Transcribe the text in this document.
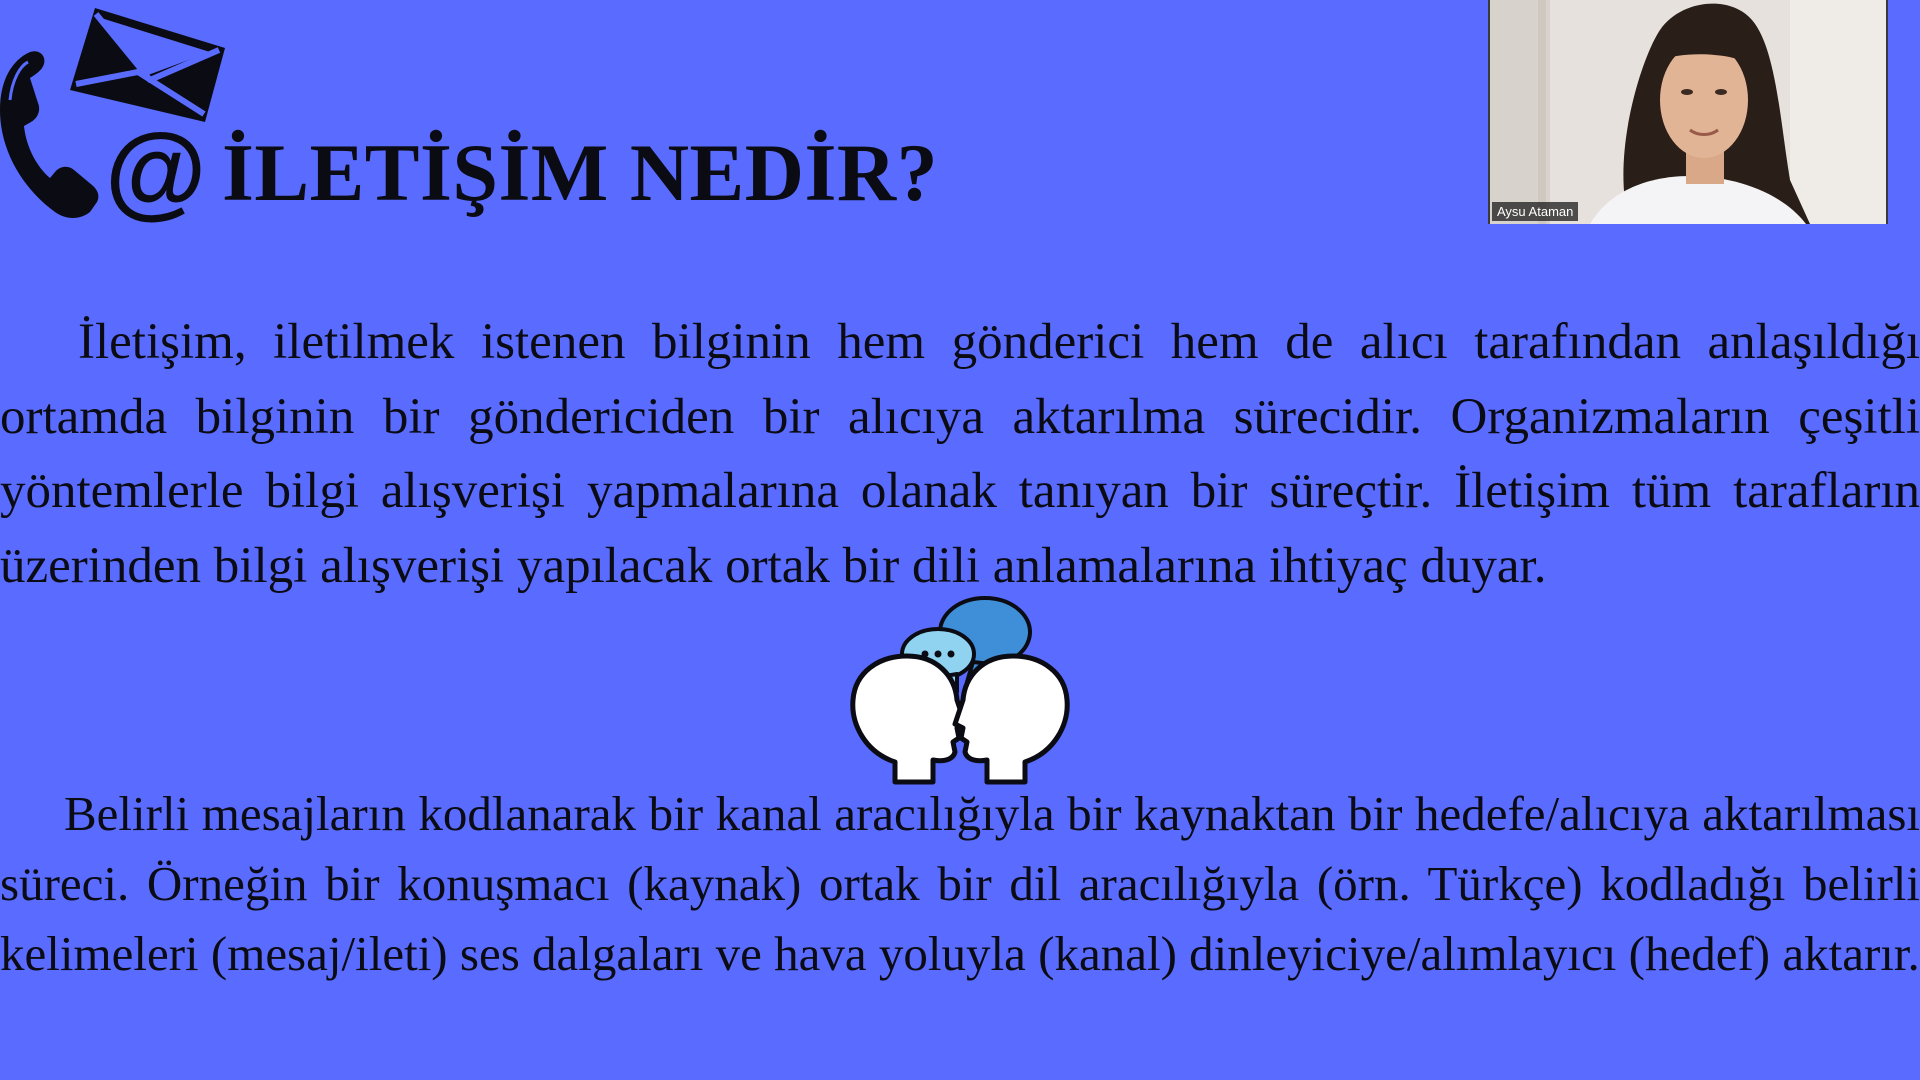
@ İLETİŞİM NEDİR?

İletişim, iletilmek istenen bilginin hem gönderici hem de alıcı tarafından anlaşıldığı ortamda bilginin bir göndericiden bir alıcıya aktarılma sürecidir. Organizmaların çeşitli yöntemlerle bilgi alışverişi yapmalarına olanak tanıyan bir süreçtir. İletişim tüm tarafların üzerinden bilgi alışverişi yapılacak ortak bir dili anlamalarına ihtiyaç duyar.

Belirli mesajların kodlanarak bir kanal aracılığıyla bir kaynaktan bir hedefe/alıcıya aktarılması süreci. Örneğin bir konuşmacı (kaynak) ortak bir dil aracılığıyla (örn. Türkçe) kodladığı belirli kelimeleri (mesaj/ileti) ses dalgaları ve hava yoluyla (kanal) dinleyiciye/alımlayıcı (hedef) aktarır.

Aysu Ataman
